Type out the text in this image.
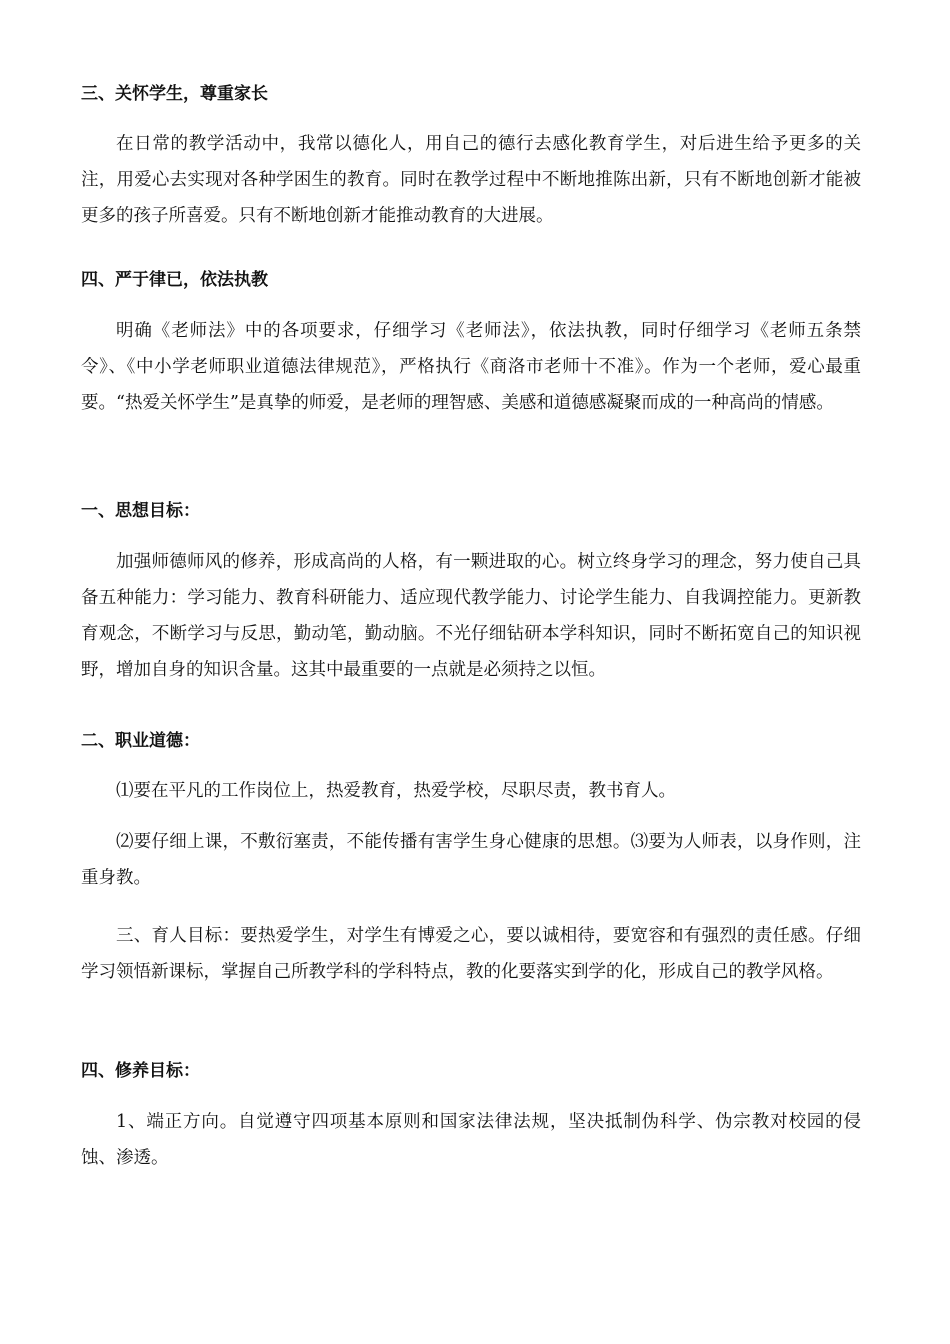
三、关怀学生，尊重家长

在日常的教学活动中，我常以德化人，用自己的德行去感化教育学生，对后进生给予更多的关注，用爱心去实现对各种学困生的教育。同时在教学过程中不断地推陈出新，只有不断地创新才能被更多的孩子所喜爱。只有不断地创新才能推动教育的大进展。

四、严于律已，依法执教

明确《老师法》中的各项要求，仔细学习《老师法》，依法执教，同时仔细学习《老师五条禁令》、《中小学老师职业道德法律规范》，严格执行《商洛市老师十不准》。作为一个老师，爱心最重要。“热爱关怀学生”是真挚的师爱，是老师的理智感、美感和道德感凝聚而成的一种高尚的情感。

一、思想目标：

加强师德师风的修养，形成高尚的人格，有一颗进取的心。树立终身学习的理念，努力使自己具备五种能力：学习能力、教育科研能力、适应现代教学能力、讨论学生能力、自我调控能力。更新教育观念，不断学习与反思，勤动笔，勤动脑。不光仔细钻研本学科知识，同时不断拓宽自己的知识视野，增加自身的知识含量。这其中最重要的一点就是必须持之以恒。

二、职业道德：

⑴要在平凡的工作岗位上，热爱教育，热爱学校，尽职尽责，教书育人。

⑵要仔细上课，不敷衍塞责，不能传播有害学生身心健康的思想。⑶要为人师表，以身作则，注重身教。

三、育人目标：要热爱学生，对学生有博爱之心，要以诚相待，要宽容和有强烈的责任感。仔细学习领悟新课标，掌握自己所教学科的学科特点，教的化要落实到学的化，形成自己的教学风格。

四、修养目标：

1、端正方向。自觉遵守四项基本原则和国家法律法规，坚决抵制伪科学、伪宗教对校园的侵蚀、渗透。
